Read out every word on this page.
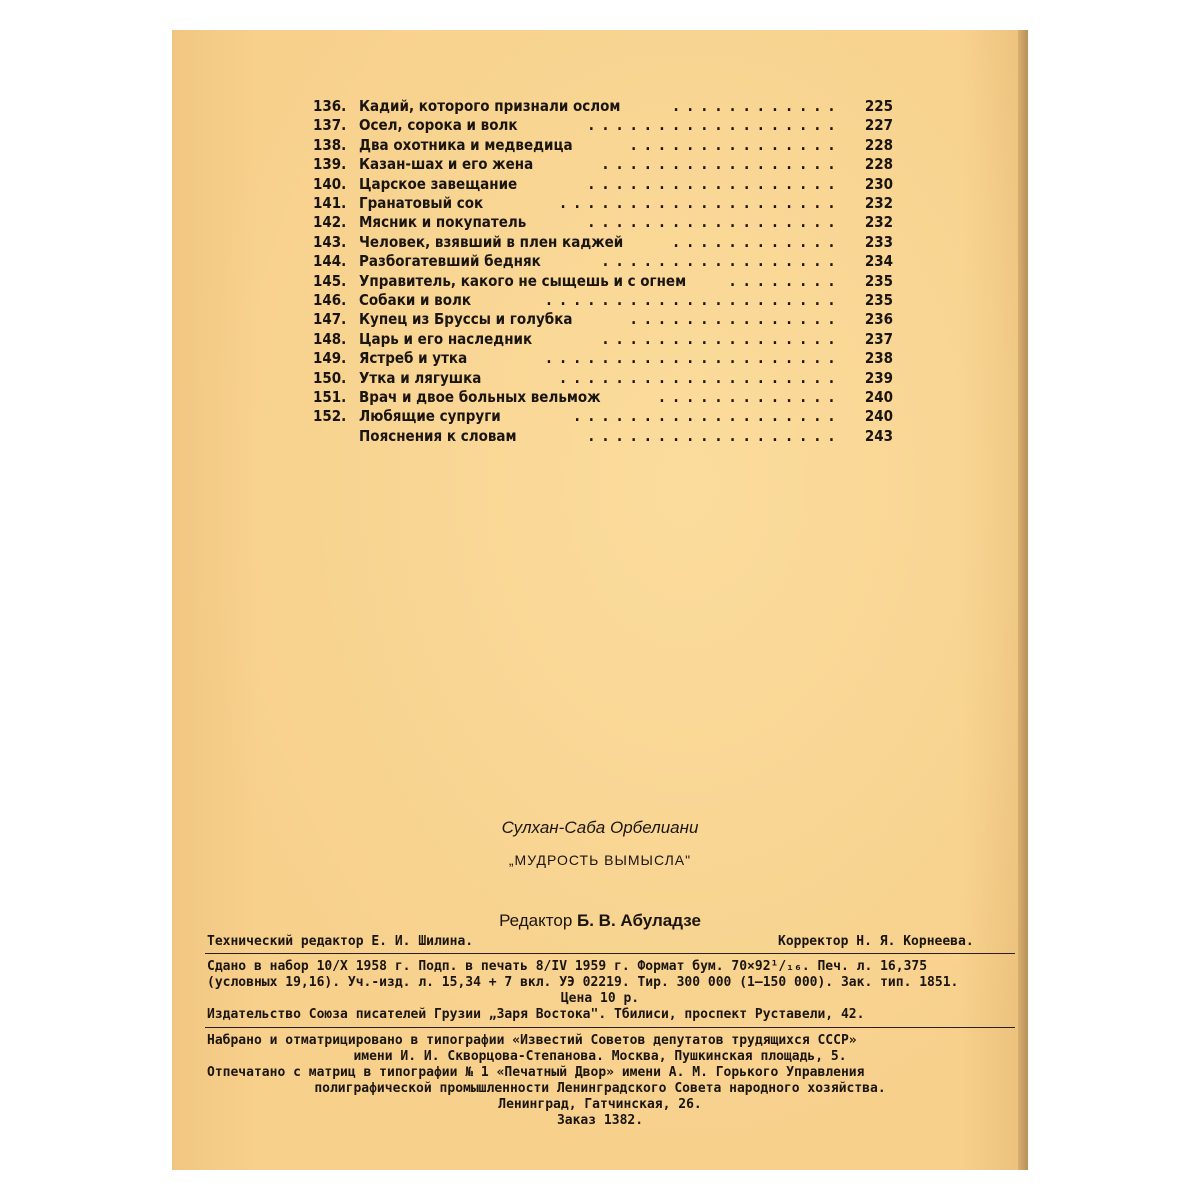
136. Кадий, которого признали ослом	............	225
137. Осел, сорока и волк	..................	227
138. Два охотника и медведица	...............	228
139. Казан-шах и его жена	.................	228
140. Царское завещание	..................	230
141. Гранатовый сок	....................	232
142. Мясник и покупатель	..................	232
143. Человек, взявший в плен каджей	............	233
144. Разбогатевший бедняк	.................	234
145. Управитель, какого не сыщешь и с огнем	........	235
146. Собаки и волк	.....................	235
147. Купец из Бруссы и голубка	...............	236
148. Царь и его наследник	.................	237
149. Ястреб и утка	.....................	238
150. Утка и лягушка	....................	239
151. Врач и двое больных вельмож	.............	240
152. Любящие супруги	...................	240
Пояснения к словам	..................	243
Сулхан-Саба Орбелиани
„МУДРОСТЬ ВЫМЫСЛА"
Редактор Б. В. Абуладзе
Технический редактор Е. И. Шилина.	Корректор Н. Я. Корнеева.
Сдано в набор 10/X 1958 г. Подп. в печать 8/IV 1959 г. Формат бум. 70×92¹/₁₆. Печ. л. 16,375
(условных 19,16). Уч.-изд. л. 15,34 + 7 вкл. УЭ 02219. Тир. 300 000 (1—150 000). Зак. тип. 1851.
Цена 10 р.
Издательство Союза писателей Грузии „Заря Востока". Тбилиси, проспект Руставели, 42.
Набрано и отматрицировано в типографии «Известий Советов депутатов трудящихся СССР»
имени И. И. Скворцова-Степанова. Москва, Пушкинская площадь, 5.
Отпечатано с матриц в типографии № 1 «Печатный Двор» имени А. М. Горького Управления
полиграфической промышленности Ленинградского Совета народного хозяйства.
Ленинград, Гатчинская, 26.
Заказ 1382.
